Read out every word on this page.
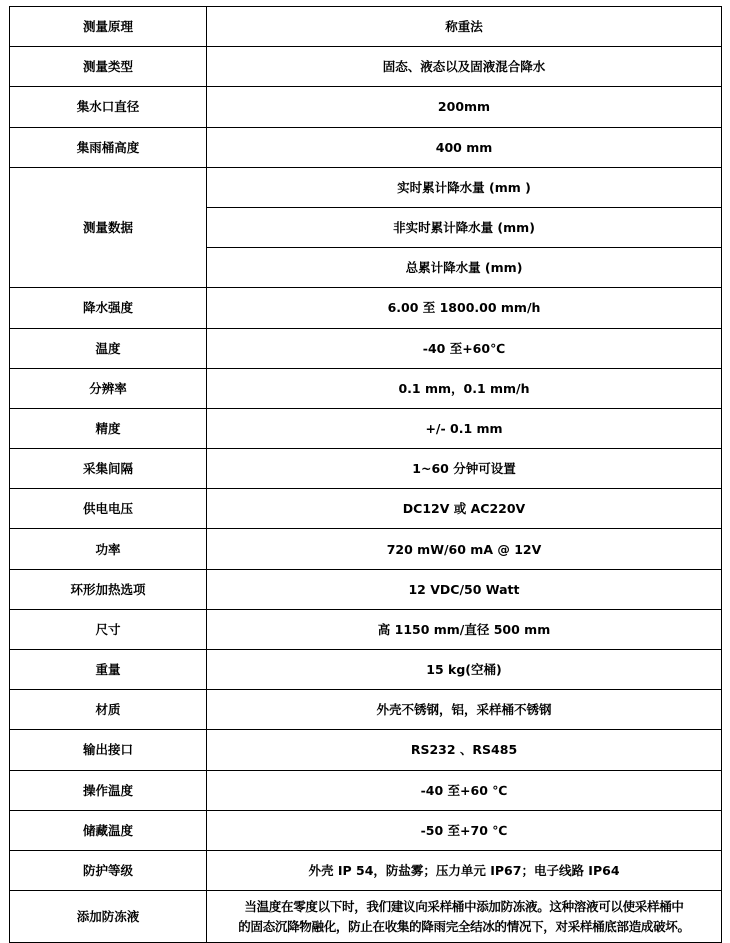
测量原理	称重法
测量类型	固态、液态以及固液混合降水
集水口直径	200mm
集雨桶高度	400 mm
测量数据	实时累计降水量 (mm )
	非实时累计降水量 (mm)
	总累计降水量 (mm)
降水强度	6.00 至 1800.00 mm/h
温度	-40 至+60℃
分辨率	0.1 mm，0.1 mm/h
精度	+/- 0.1 mm
采集间隔	1~60 分钟可设置
供电电压	DC12V 或 AC220V
功率	720 mW/60 mA @ 12V
环形加热选项	12 VDC/50 Watt
尺寸	高 1150 mm/直径 500 mm
重量	15 kg(空桶)
材质	外壳不锈钢，铝，采样桶不锈钢
输出接口	RS232 、RS485
操作温度	-40 至+60 ℃
储藏温度	-50 至+70 ℃
防护等级	外壳 IP 54，防盐雾；压力单元 IP67；电子线路 IP64
添加防冻液	当温度在零度以下时，我们建议向采样桶中添加防冻液。这种溶液可以使采样桶中
的固态沉降物融化，防止在收集的降雨完全结冰的情况下，对采样桶底部造成破坏。
